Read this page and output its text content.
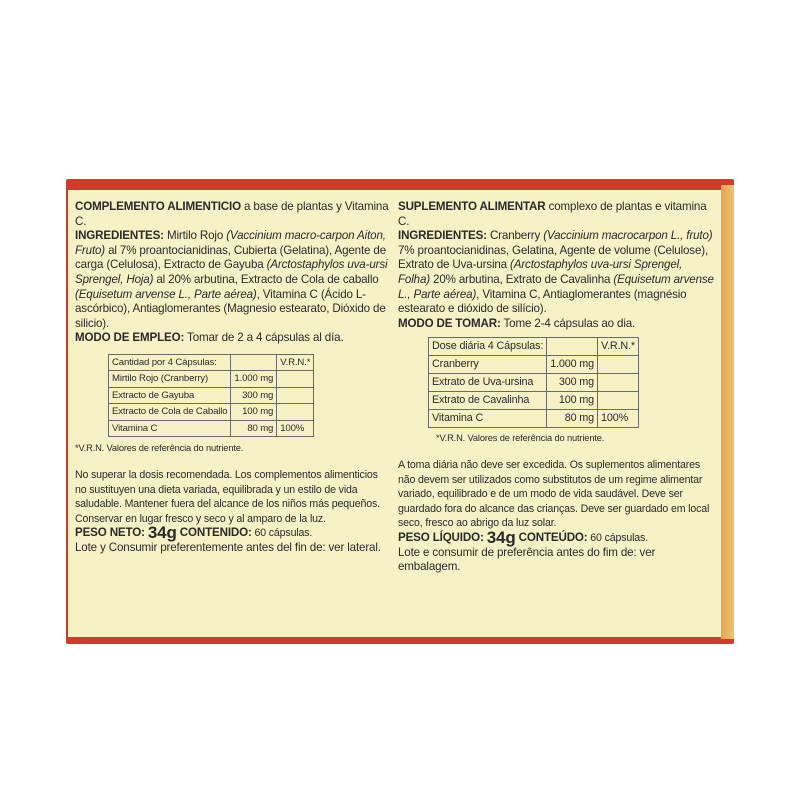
COMPLEMENTO ALIMENTICIO a base de plantas y Vitamina C.

INGREDIENTES: Mirtilo Rojo (Vaccinium macro-carpon Aiton, Fruto) al 7% proantocianidinas, Cubierta (Gelatina), Agente de carga (Celulosa), Extracto de Gayuba (Arctostaphylos uva-ursi Sprengel, Hoja) al 20% arbutina, Extracto de Cola de caballo (Equisetum arvense L., Parte aérea), Vitamina C (Ácido L-ascórbico), Antiaglomerantes (Magnesio estearato, Dióxido de silicio).

MODO DE EMPLEO: Tomar de 2 a 4 cápsulas al día.

Cantidad por 4 Cápsulas:		V.R.N.*
Mirtilo Rojo (Cranberry)	1.000 mg	
Extracto de Gayuba	300 mg	
Extracto de Cola de Caballo	100 mg	
Vitamina C	80 mg	100%

*V.R.N. Valores de referência do nutriente.

No superar la dosis recomendada. Los complementos alimenticios no sustituyen una dieta variada, equilibrada y un estilo de vida saludable. Mantener fuera del alcance de los niños más pequeños. Conservar en lugar fresco y seco y al amparo de la luz.

PESO NETO: 34g CONTENIDO: 60 cápsulas.

Lote y Consumir preferentemente antes del fin de: ver lateral.

SUPLEMENTO ALIMENTAR complexo de plantas e vitamina C.

INGREDIENTES: Cranberry (Vaccinium macrocarpon L., fruto) 7% proantocianidinas, Gelatina, Agente de volume (Celulose), Extrato de Uva-ursina (Arctostaphylos uva-ursi Sprengel, Folha) 20% arbutina, Extrato de Cavalinha (Equisetum arvense L., Parte aérea), Vitamina C, Antiaglomerantes (magnésio estearato e dióxido de silício).

MODO DE TOMAR: Tome 2-4 cápsulas ao dia.

Dose diária 4 Cápsulas:		V.R.N.*
Cranberry	1.000 mg	
Extrato de Uva-ursina	300 mg	
Extrato de Cavalinha	100 mg	
Vitamina C	80 mg	100%

*V.R.N. Valores de referência do nutriente.

A toma diária não deve ser excedida. Os suplementos alimentares não devem ser utilizados como substitutos de um regime alimentar variado, equilibrado e de um modo de vida saudável. Deve ser guardado fora do alcance das crianças. Deve ser guardado em local seco, fresco ao abrigo da luz solar.

PESO LÍQUIDO: 34g CONTEÚDO: 60 cápsulas.

Lote e consumir de preferência antes do fim de: ver embalagem.
